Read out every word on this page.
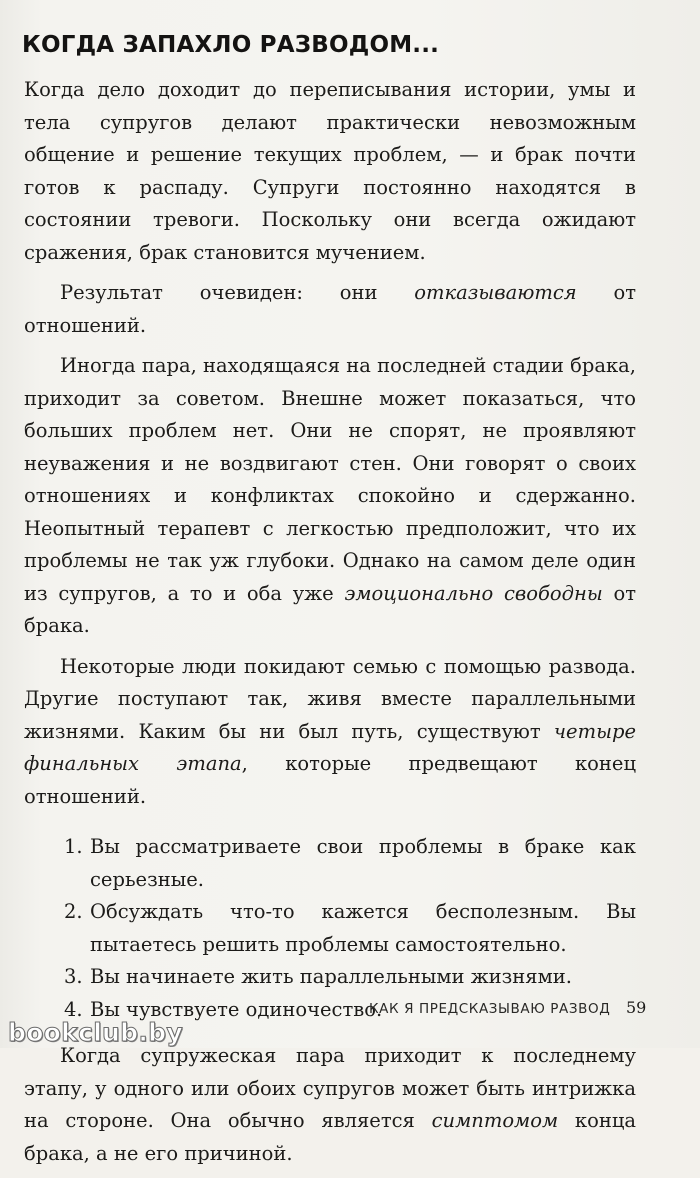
КОГДА ЗАПАХЛО РАЗВОДОМ...

Когда дело доходит до переписывания истории, умы и тела супругов делают практически невозможным общение и решение текущих проблем, — и брак почти готов к распаду. Супруги постоянно находятся в состоянии тревоги. Поскольку они всегда ожидают сражения, брак становится мучением.

Результат очевиден: они отказываются от отношений.

Иногда пара, находящаяся на последней стадии брака, приходит за советом. Внешне может показаться, что больших проблем нет. Они не спорят, не проявляют неуважения и не воздвигают стен. Они говорят о своих отношениях и конфликтах спокойно и сдержанно. Неопытный терапевт с легкостью предположит, что их проблемы не так уж глубоки. Однако на самом деле один из супругов, а то и оба уже эмоционально свободны от брака.

Некоторые люди покидают семью с помощью развода. Другие поступают так, живя вместе параллельными жизнями. Каким бы ни был путь, существуют четыре финальных этапа, которые предвещают конец отношений.

1. Вы рассматриваете свои проблемы в браке как серьезные.
2. Обсуждать что-то кажется бесполезным. Вы пытаетесь решить проблемы самостоятельно.
3. Вы начинаете жить параллельными жизнями.
4. Вы чувствуете одиночество.

Когда супружеская пара приходит к последнему этапу, у одного или обоих супругов может быть интрижка на стороне. Она обычно является симптомом конца брака, а не его причиной.

КАК Я ПРЕДСКАЗЫВАЮ РАЗВОД 59
bookclub.by
